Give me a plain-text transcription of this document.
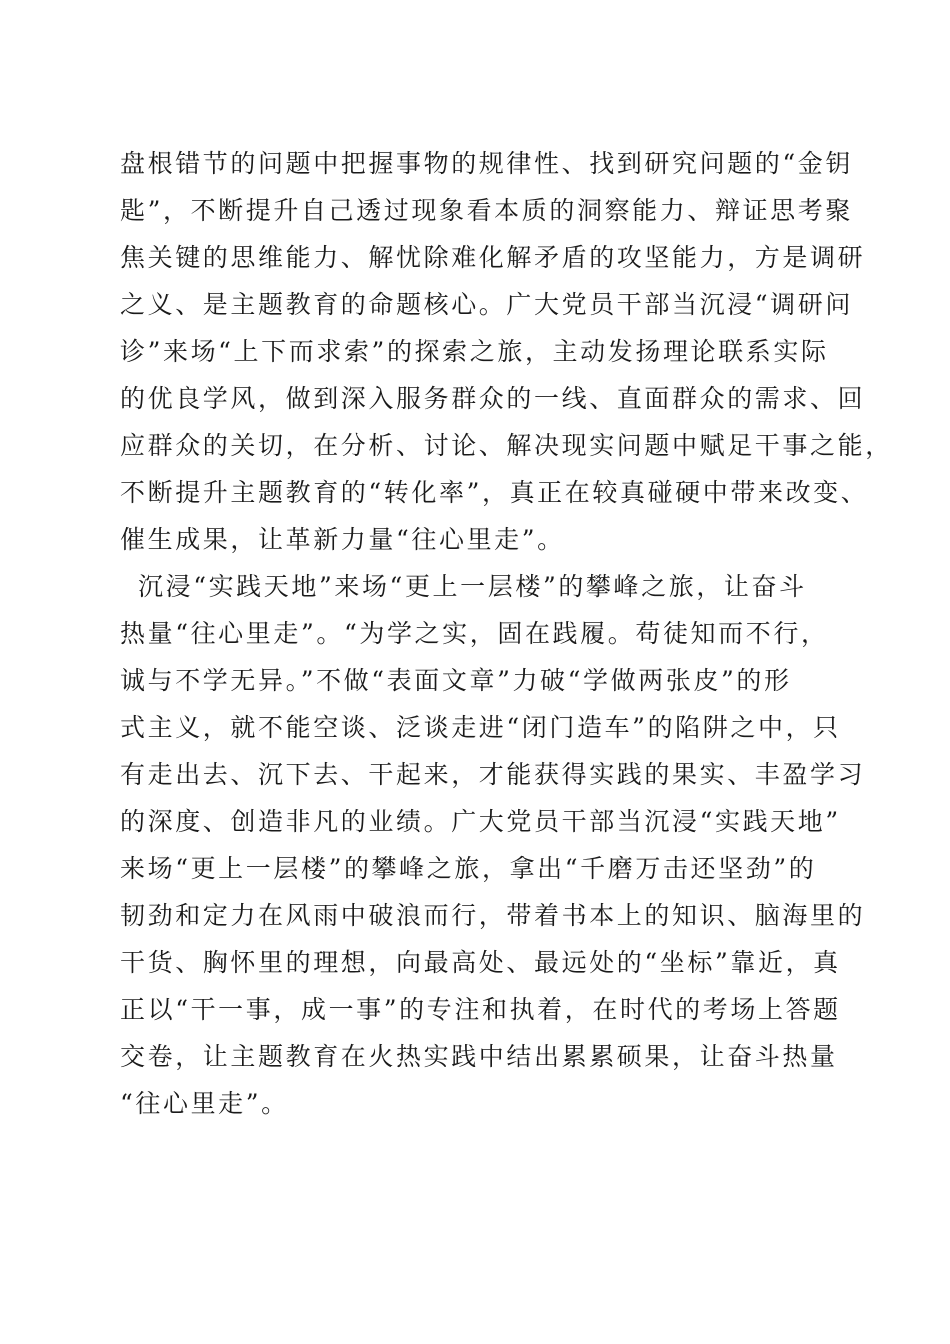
盘根错节的问题中把握事物的规律性、找到研究问题的“金钥
匙”，不断提升自己透过现象看本质的洞察能力、辩证思考聚
焦关键的思维能力、解忧除难化解矛盾的攻坚能力，方是调研
之义、是主题教育的命题核心。广大党员干部当沉浸“调研问
诊”来场“上下而求索”的探索之旅，主动发扬理论联系实际
的优良学风，做到深入服务群众的一线、直面群众的需求、回
应群众的关切，在分析、讨论、解决现实问题中赋足干事之能，
不断提升主题教育的“转化率”，真正在较真碰硬中带来改变、
催生成果，让革新力量“往心里走”。
沉浸“实践天地”来场“更上一层楼”的攀峰之旅，让奋斗
热量“往心里走”。“为学之实，固在践履。苟徒知而不行，
诚与不学无异。”不做“表面文章”力破“学做两张皮”的形
式主义，就不能空谈、泛谈走进“闭门造车”的陷阱之中，只
有走出去、沉下去、干起来，才能获得实践的果实、丰盈学习
的深度、创造非凡的业绩。广大党员干部当沉浸“实践天地”
来场“更上一层楼”的攀峰之旅，拿出“千磨万击还坚劲”的
韧劲和定力在风雨中破浪而行，带着书本上的知识、脑海里的
干货、胸怀里的理想，向最高处、最远处的“坐标”靠近，真
正以“干一事，成一事”的专注和执着，在时代的考场上答题
交卷，让主题教育在火热实践中结出累累硕果，让奋斗热量
“往心里走”。
